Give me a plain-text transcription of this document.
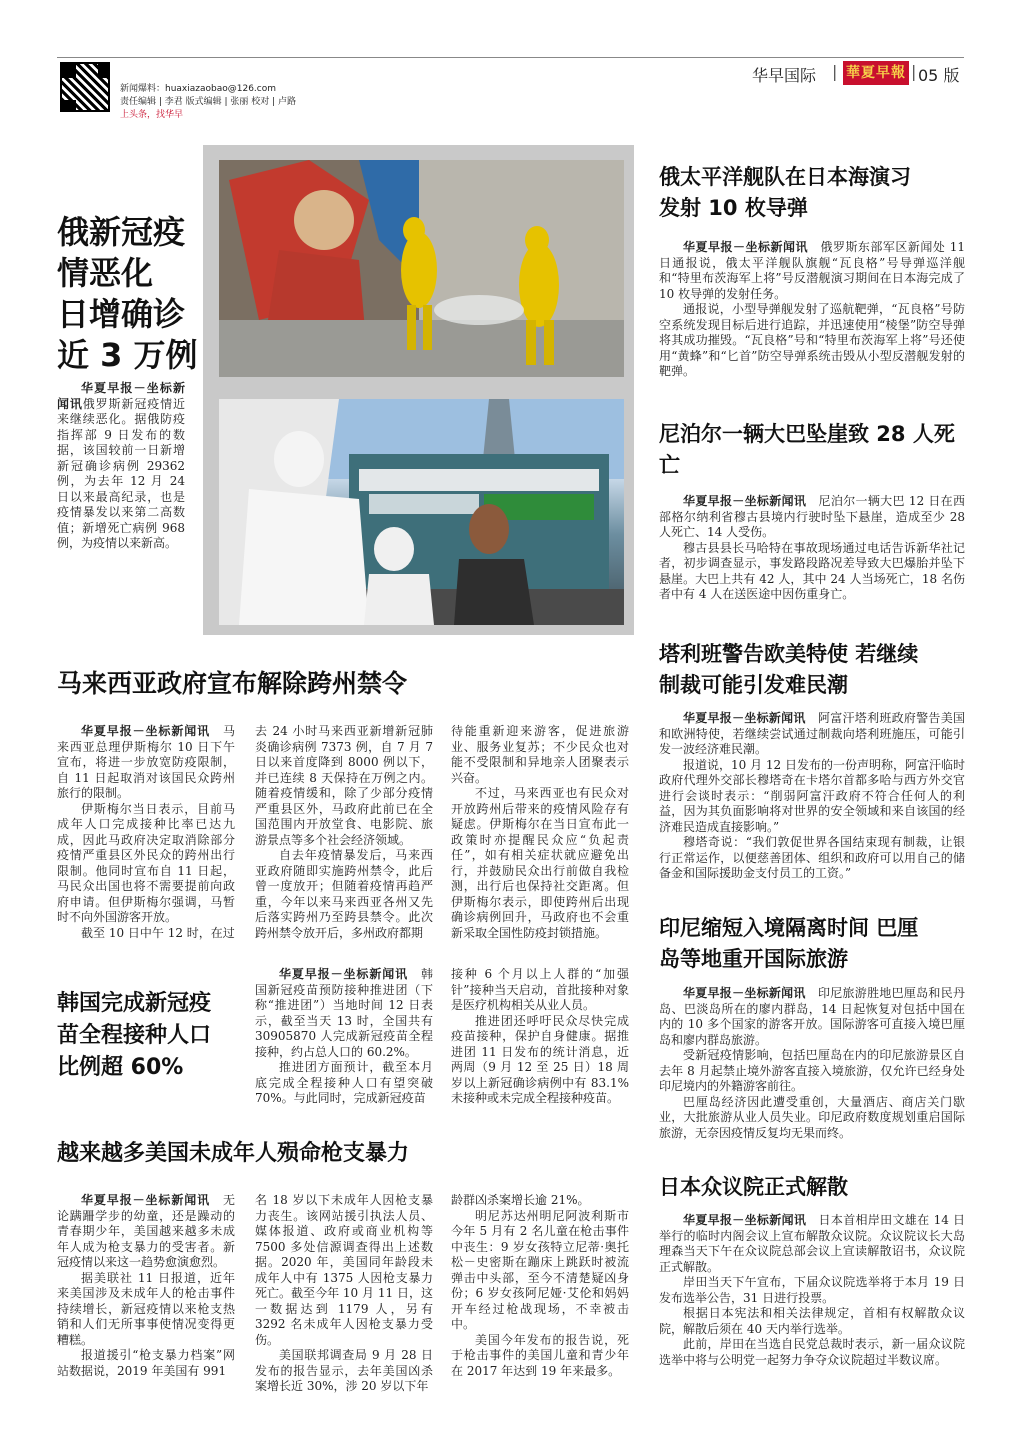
新闻爆料：huaxiazaobao@126.com
责任编辑 | 李君 版式编辑 | 张丽 校对 | 卢路
上头条，找华早
华早国际 | 華夏早報 | 05 版
俄新冠疫
情恶化
日增确诊
近 3 万例

华夏早报－坐标新闻讯俄罗斯新冠疫情近来继续恶化。据俄防疫指挥部 9 日发布的数据，该国较前一日新增新冠确诊病例 29362 例，为去年 12 月 24 日以来最高纪录，也是疫情暴发以来第二高数值；新增死亡病例 968 例，为疫情以来新高。

俄太平洋舰队在日本海演习
发射 10 枚导弹

华夏早报－坐标新闻讯　 俄罗斯东部军区新闻处 11 日通报说，俄太平洋舰队旗舰“瓦良格”号导弹巡洋舰和“特里布茨海军上将”号反潜舰演习期间在日本海完成了 10 枚导弹的发射任务。

通报说，小型导弹舰发射了巡航靶弹，“瓦良格”号防空系统发现目标后进行追踪，并迅速使用“棱堡”防空导弹将其成功摧毁。“瓦良格”号和“特里布茨海军上将”号还使用“黄蜂”和“匕首”防空导弹系统击毁从小型反潜舰发射的靶弹。

尼泊尔一辆大巴坠崖致 28 人死
亡

华夏早报－坐标新闻讯　 尼泊尔一辆大巴 12 日在西部格尔纳利省穆古县境内行驶时坠下悬崖，造成至少 28 人死亡、14 人受伤。

穆古县县长马哈特在事故现场通过电话告诉新华社记者，初步调查显示，事发路段路况差导致大巴爆胎并坠下悬崖。大巴上共有 42 人，其中 24 人当场死亡，18 名伤者中有 4 人在送医途中因伤重身亡。

塔利班警告欧美特使 若继续
制裁可能引发难民潮

华夏早报－坐标新闻讯　 阿富汗塔利班政府警告美国和欧洲特使，若继续尝试通过制裁向塔利班施压，可能引发一波经济难民潮。

报道说，10 月 12 日发布的一份声明称，阿富汗临时政府代理外交部长穆塔奇在卡塔尔首都多哈与西方外交官进行会谈时表示：“削弱阿富汗政府不符合任何人的利益，因为其负面影响将对世界的安全领域和来自该国的经济难民造成直接影响。”

穆塔奇说：“我们敦促世界各国结束现有制裁，让银行正常运作，以便慈善团体、组织和政府可以用自己的储备金和国际援助金支付员工的工资。”

马来西亚政府宣布解除跨州禁令

华夏早报－坐标新闻讯　 马来西亚总理伊斯梅尔 10 日下午宣布，将进一步放宽防疫限制，自 11 日起取消对该国民众跨州旅行的限制。

伊斯梅尔当日表示，目前马成年人口完成接种比率已达九成，因此马政府决定取消除部分疫情严重县区外民众的跨州出行限制。他同时宣布自 11 日起，马民众出国也将不需要提前向政府申请。但伊斯梅尔强调，马暂时不向外国游客开放。

截至 10 日中午 12 时，在过

去 24 小时马来西亚新增新冠肺炎确诊病例 7373 例，自 7 月 7 日以来首度降到 8000 例以下，并已连续 8 天保持在万例之内。随着疫情缓和，除了少部分疫情严重县区外，马政府此前已在全国范围内开放堂食、电影院、旅游景点等多个社会经济领域。

自去年疫情暴发后，马来西亚政府随即实施跨州禁令，此后曾一度放开；但随着疫情再趋严重，今年以来马来西亚各州又先后落实跨州乃至跨县禁令。此次跨州禁令放开后，多州政府都期

待能重新迎来游客，促进旅游业、服务业复苏；不少民众也对能不受限制和异地亲人团聚表示兴奋。

不过，马来西亚也有民众对开放跨州后带来的疫情风险存有疑虑。伊斯梅尔在当日宣布此一政策时亦提醒民众应“负起责任”，如有相关症状就应避免出行，并鼓励民众出行前做自我检测，出行后也保持社交距离。但伊斯梅尔表示，即使跨州后出现确诊病例回升，马政府也不会重新采取全国性防疫封锁措施。	印尼缩短入境隔离时间 巴厘
岛等地重开国际旅游

华夏早报－坐标新闻讯　 印尼旅游胜地巴厘岛和民丹岛、巴淡岛所在的廖内群岛，14 日起恢复对包括中国在内的 10 多个国家的游客开放。国际游客可直接入境巴厘岛和廖内群岛旅游。

受新冠疫情影响，包括巴厘岛在内的印尼旅游景区自去年 8 月起禁止境外游客直接入境旅游，仅允许已经身处印尼境内的外籍游客前往。

巴厘岛经济因此遭受重创，大量酒店、商店关门歇业，大批旅游从业人员失业。印尼政府数度规划重启国际旅游，无奈因疫情反复均无果而终。

韩国完成新冠疫
苗全程接种人口
比例超 60%

华夏早报－坐标新闻讯　 韩国新冠疫苗预防接种推进团（下称“推进团”）当地时间 12 日表示，截至当天 13 时，全国共有 30905870 人完成新冠疫苗全程接种，约占总人口的 60.2%。

推进团方面预计，截至本月底完成全程接种人口有望突破 70%。与此同时，完成新冠疫苗

接种 6 个月以上人群的“加强针”接种当天启动，首批接种对象是医疗机构相关从业人员。

推进团还呼吁民众尽快完成疫苗接种，保护自身健康。据推进团 11 日发布的统计消息，近两周（9 月 12 至 25 日）18 周岁以上新冠确诊病例中有 83.1% 未接种或未完成全程接种疫苗。

越来越多美国未成年人殒命枪支暴力

华夏早报－坐标新闻讯　 无论蹒跚学步的幼童，还是躁动的青春期少年，美国越来越多未成年人成为枪支暴力的受害者。新冠疫情以来这一趋势愈演愈烈。

据美联社 11 日报道，近年来美国涉及未成年人的枪击事件持续增长，新冠疫情以来枪支热销和人们无所事事使情况变得更糟糕。

报道援引“枪支暴力档案”网站数据说，2019 年美国有 991

名 18 岁以下未成年人因枪支暴力丧生。该网站援引执法人员、媒体报道、政府或商业机构等 7500 多处信源调查得出上述数据。2020 年，美国同年龄段未成年人中有 1375 人因枪支暴力死亡。截至今年 10 月 11 日，这一数据达到 1179 人，另有 3292 名未成年人因枪支暴力受伤。

美国联邦调查局 9 月 28 日发布的报告显示，去年美国凶杀案增长近 30%，涉 20 岁以下年

龄群凶杀案增长逾 21%。

明尼苏达州明尼阿波利斯市今年 5 月有 2 名儿童在枪击事件中丧生：9 岁女孩特立尼蒂·奥托松－史密斯在蹦床上跳跃时被流弹击中头部，至今不清楚疑凶身份；6 岁女孩阿尼娅·艾伦和妈妈开车经过枪战现场，不幸被击中。

美国今年发布的报告说，死于枪击事件的美国儿童和青少年在 2017 年达到 19 年来最多。

日本众议院正式解散

华夏早报－坐标新闻讯　 日本首相岸田文雄在 14 日举行的临时内阁会议上宣布解散众议院。众议院议长大岛理森当天下午在众议院总部会议上宣读解散诏书，众议院正式解散。

岸田当天下午宣布，下届众议院选举将于本月 19 日发布选举公告，31 日进行投票。

根据日本宪法和相关法律规定，首相有权解散众议院，解散后须在 40 天内举行选举。

此前，岸田在当选自民党总裁时表示，新一届众议院选举中将与公明党一起努力争夺众议院超过半数议席。
